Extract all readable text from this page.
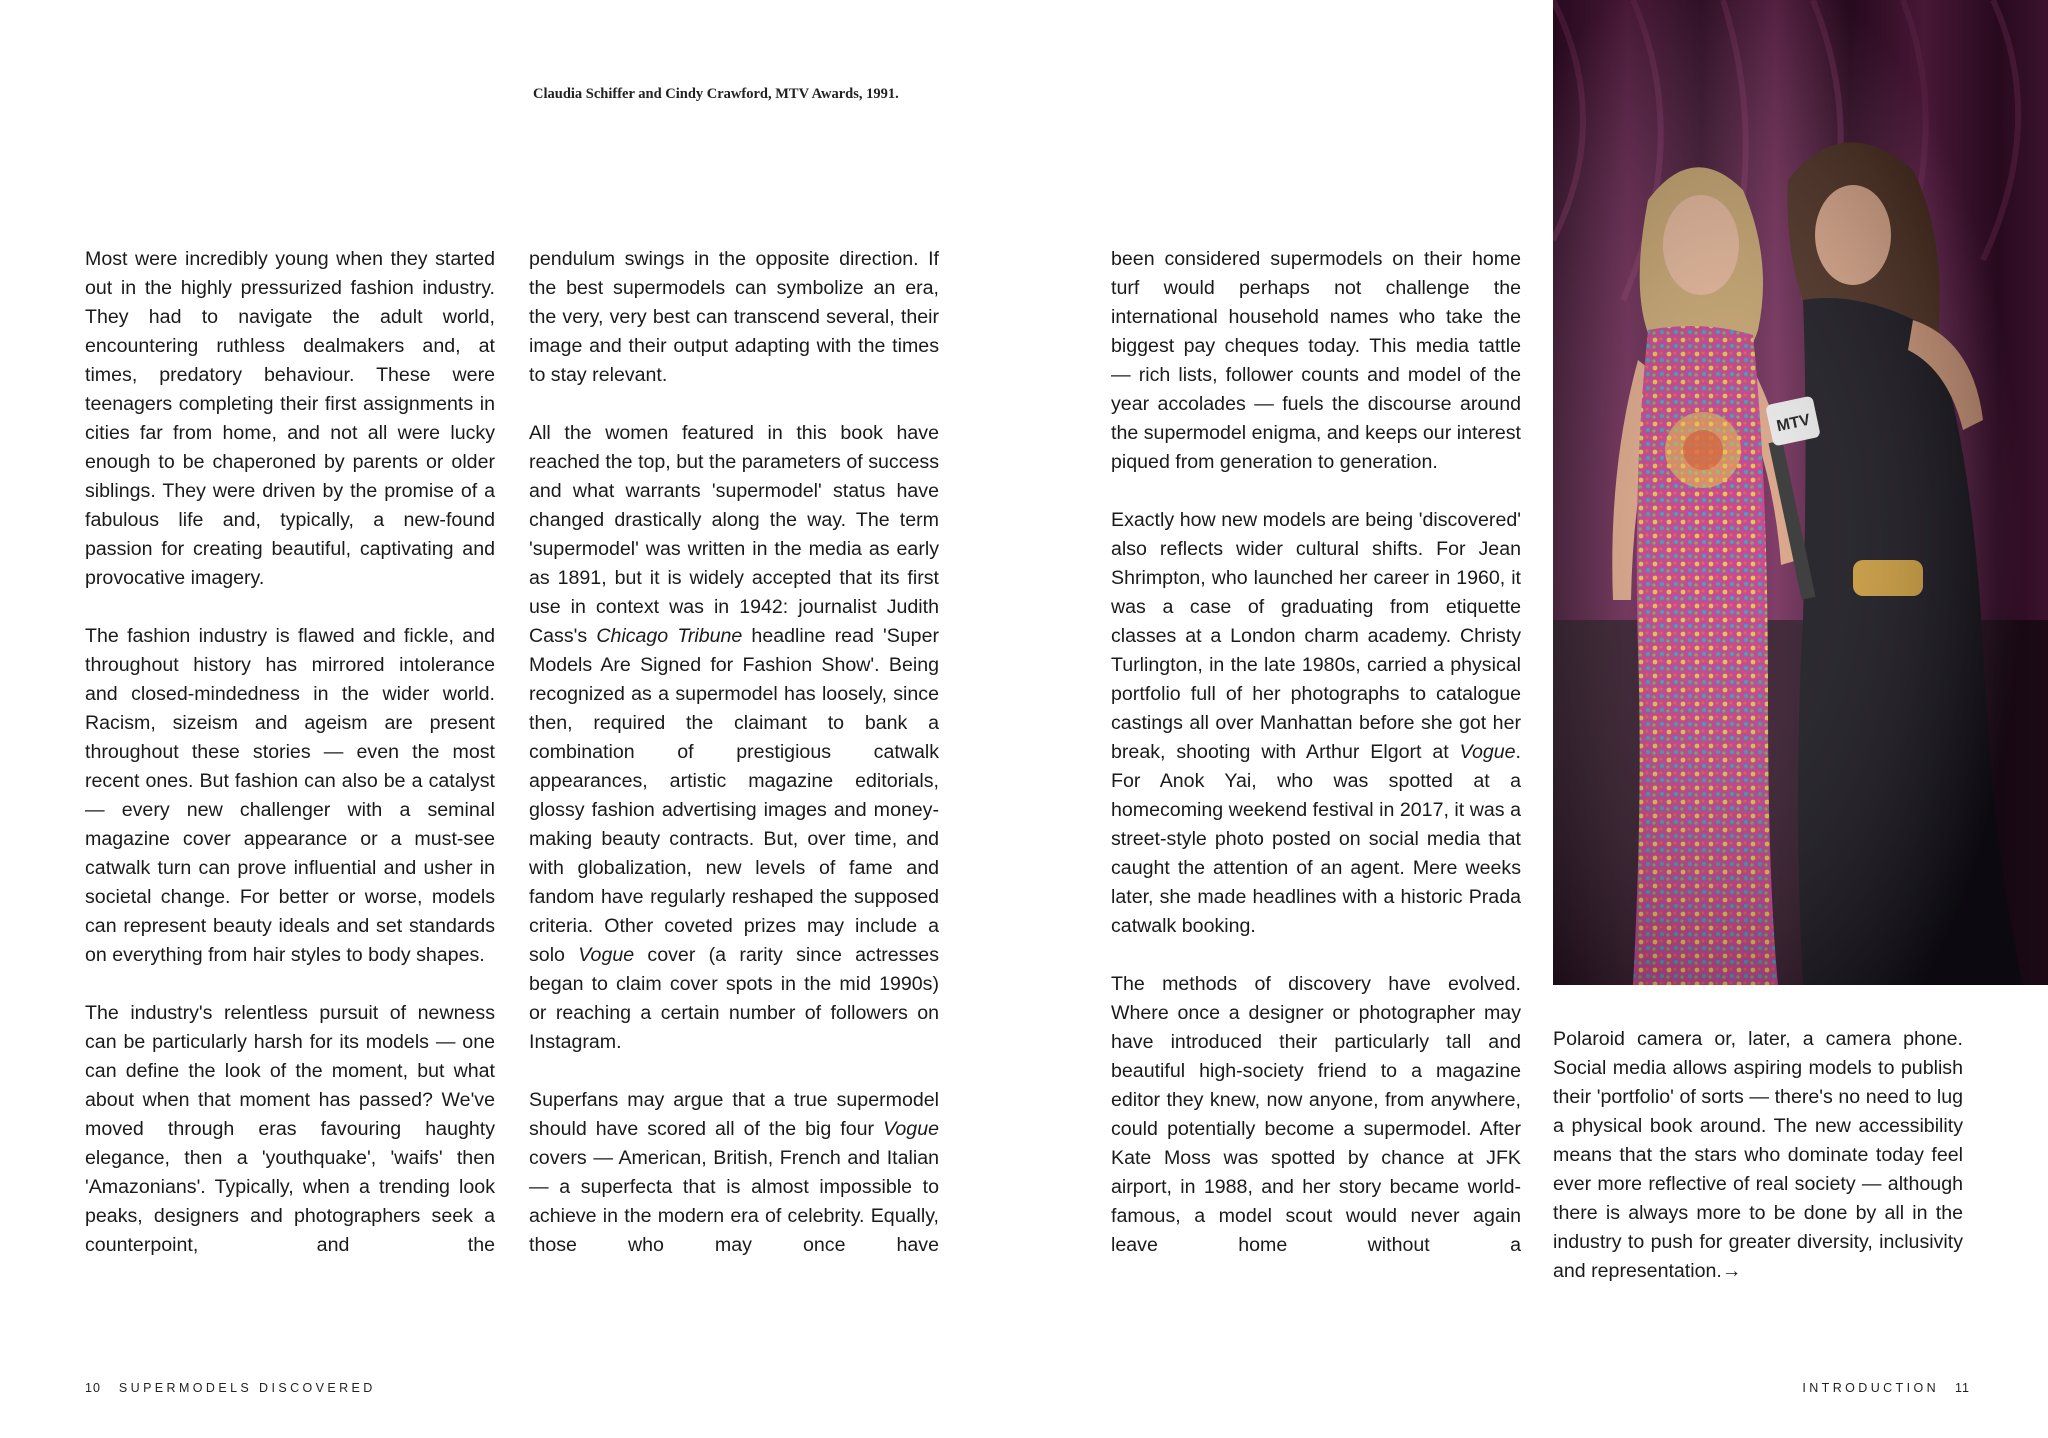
Claudia Schiffer and Cindy Crawford, MTV Awards, 1991.

Most were incredibly young when they started out in the highly pressurized fashion industry. They had to navigate the adult world, encountering ruthless dealmakers and, at times, predatory behaviour. These were teenagers completing their first assignments in cities far from home, and not all were lucky enough to be chaperoned by parents or older siblings. They were driven by the promise of a fabulous life and, typically, a new-found passion for creating beautiful, captivating and provocative imagery.

The fashion industry is flawed and fickle, and throughout history has mirrored intolerance and closed-mindedness in the wider world. Racism, sizeism and ageism are present throughout these stories — even the most recent ones. But fashion can also be a catalyst — every new challenger with a seminal magazine cover appearance or a must-see catwalk turn can prove influential and usher in societal change. For better or worse, models can represent beauty ideals and set standards on everything from hair styles to body shapes.

The industry's relentless pursuit of newness can be particularly harsh for its models — one can define the look of the moment, but what about when that moment has passed? We've moved through eras favouring haughty elegance, then a 'youthquake', 'waifs' then 'Amazonians'. Typically, when a trending look peaks, designers and photographers seek a counterpoint, and the

pendulum swings in the opposite direction. If the best supermodels can symbolize an era, the very, very best can transcend several, their image and their output adapting with the times to stay relevant.

All the women featured in this book have reached the top, but the parameters of success and what warrants 'supermodel' status have changed drastically along the way. The term 'supermodel' was written in the media as early as 1891, but it is widely accepted that its first use in context was in 1942: journalist Judith Cass's Chicago Tribune headline read 'Super Models Are Signed for Fashion Show'. Being recognized as a supermodel has loosely, since then, required the claimant to bank a combination of prestigious catwalk appearances, artistic magazine editorials, glossy fashion advertising images and money-making beauty contracts. But, over time, and with globalization, new levels of fame and fandom have regularly reshaped the supposed criteria. Other coveted prizes may include a solo Vogue cover (a rarity since actresses began to claim cover spots in the mid 1990s) or reaching a certain number of followers on Instagram.

Superfans may argue that a true supermodel should have scored all of the big four Vogue covers — American, British, French and Italian — a superfecta that is almost impossible to achieve in the modern era of celebrity. Equally, those who may once have

been considered supermodels on their home turf would perhaps not challenge the international household names who take the biggest pay cheques today. This media tattle — rich lists, follower counts and model of the year accolades — fuels the discourse around the supermodel enigma, and keeps our interest piqued from generation to generation.

Exactly how new models are being 'discovered' also reflects wider cultural shifts. For Jean Shrimpton, who launched her career in 1960, it was a case of graduating from etiquette classes at a London charm academy. Christy Turlington, in the late 1980s, carried a physical portfolio full of her photographs to catalogue castings all over Manhattan before she got her break, shooting with Arthur Elgort at Vogue. For Anok Yai, who was spotted at a homecoming weekend festival in 2017, it was a street-style photo posted on social media that caught the attention of an agent. Mere weeks later, she made headlines with a historic Prada catwalk booking.

The methods of discovery have evolved. Where once a designer or photographer may have introduced their particularly tall and beautiful high-society friend to a magazine editor they knew, now anyone, from anywhere, could potentially become a supermodel. After Kate Moss was spotted by chance at JFK airport, in 1988, and her story became world-famous, a model scout would never again leave home without a

Polaroid camera or, later, a camera phone. Social media allows aspiring models to publish their 'portfolio' of sorts — there's no need to lug a physical book around. The new accessibility means that the stars who dominate today feel ever more reflective of real society — although there is always more to be done by all in the industry to push for greater diversity, inclusivity and representation.→

10 SUPERMODELS DISCOVERED	INTRODUCTION 11
